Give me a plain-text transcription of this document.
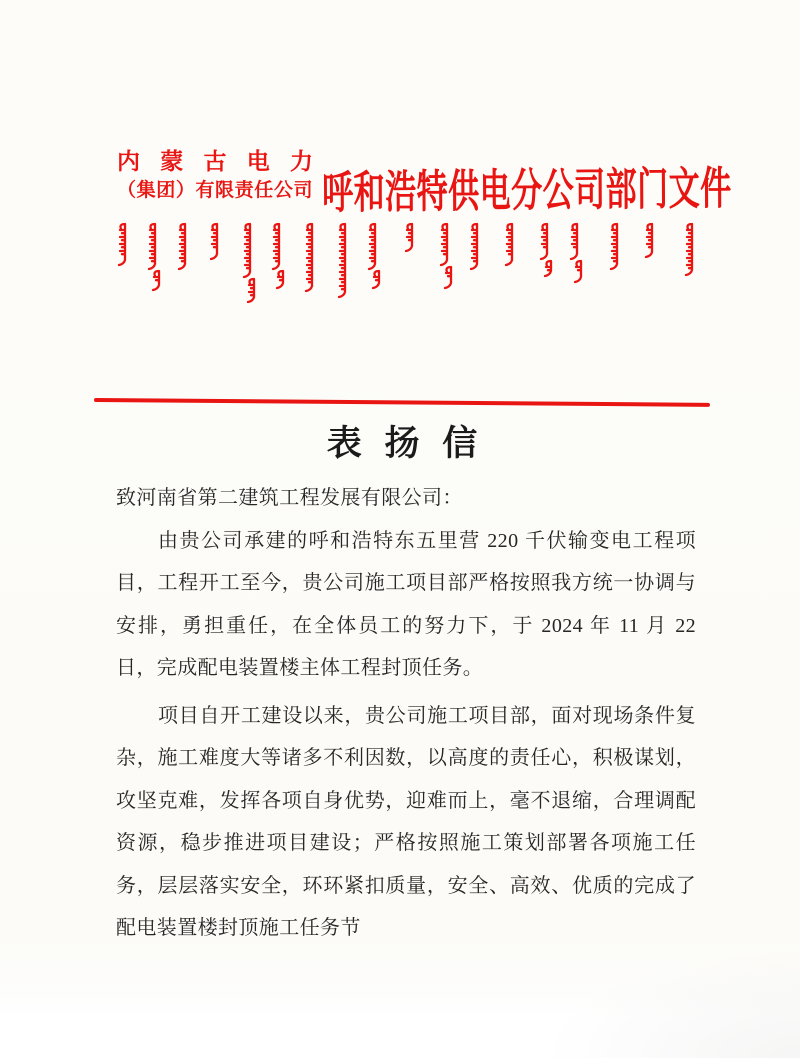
内 蒙 古 电 力
（集团）有限责任公司 呼和浩特供电分公司部门文件
表 扬 信

致河南省第二建筑工程发展有限公司：

由贵公司承建的呼和浩特东五里营 220 千伏输变电工程项目，工程开工至今，贵公司施工项目部严格按照我方统一协调与安排，勇担重任，在全体员工的努力下，于 2024 年 11 月 22 日，完成配电装置楼主体工程封顶任务。

项目自开工建设以来，贵公司施工项目部，面对现场条件复杂，施工难度大等诸多不利因数，以高度的责任心，积极谋划，攻坚克难，发挥各项自身优势，迎难而上，毫不退缩，合理调配资源，稳步推进项目建设；严格按照施工策划部署各项施工任务，层层落实安全，环环紧扣质量，安全、高效、优质的完成了配电装置楼封顶施工任务节
